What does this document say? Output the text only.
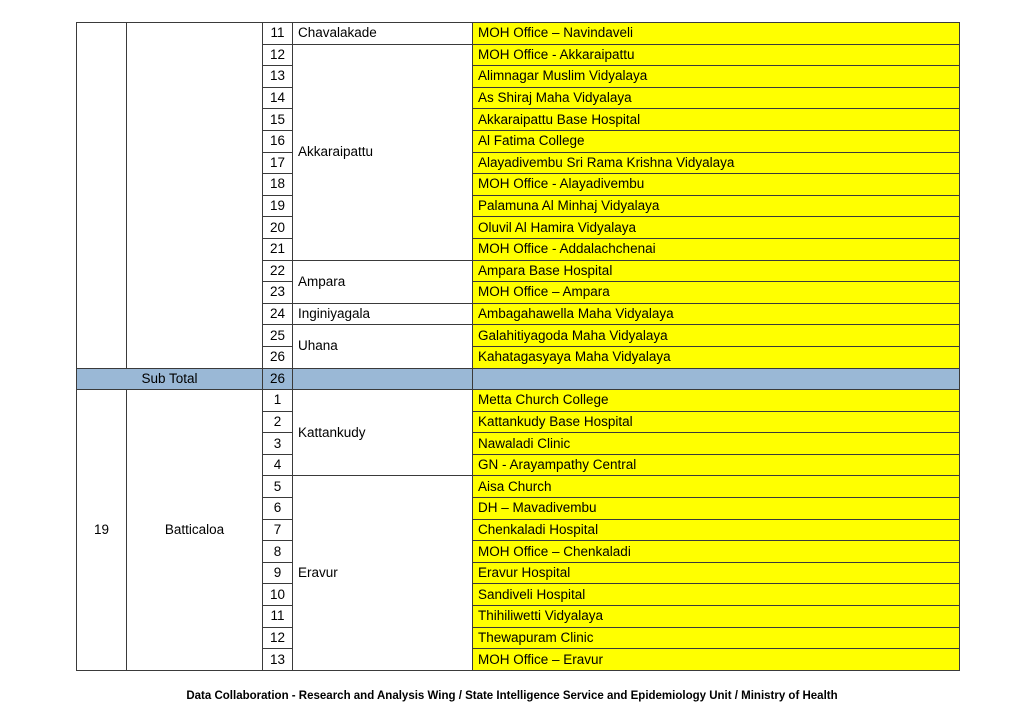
		11	Chavalakade	MOH Office – Navindaveli
		12	Akkaraipattu	MOH Office - Akkaraipattu
		13		Alimnagar Muslim Vidyalaya
		14		As Shiraj Maha Vidyalaya
		15		Akkaraipattu Base Hospital
		16		Al Fatima College
		17		Alayadivembu Sri Rama Krishna Vidyalaya
		18		MOH Office - Alayadivembu
		19		Palamuna Al Minhaj Vidyalaya
		20		Oluvil Al Hamira Vidyalaya
		21		MOH Office - Addalachchenai
		22	Ampara	Ampara Base Hospital
		23		MOH Office – Ampara
		24	Inginiyagala	Ambagahawella Maha Vidyalaya
		25	Uhana	Galahitiyagoda Maha Vidyalaya
		26		Kahatagasyaya Maha Vidyalaya
Sub Total		26		
19	Batticaloa	1	Kattankudy	Metta Church College
		2		Kattankudy Base Hospital
		3		Nawaladi Clinic
		4		GN - Arayampathy Central
		5	Eravur	Aisa Church
		6		DH – Mavadivembu
		7		Chenkaladi Hospital
		8		MOH Office – Chenkaladi
		9		Eravur Hospital
		10		Sandiveli Hospital
		11		Thihiliwetti Vidyalaya
		12		Thewapuram Clinic
		13		MOH Office – Eravur
Data Collaboration - Research and Analysis Wing / State Intelligence Service and Epidemiology Unit / Ministry of Health
